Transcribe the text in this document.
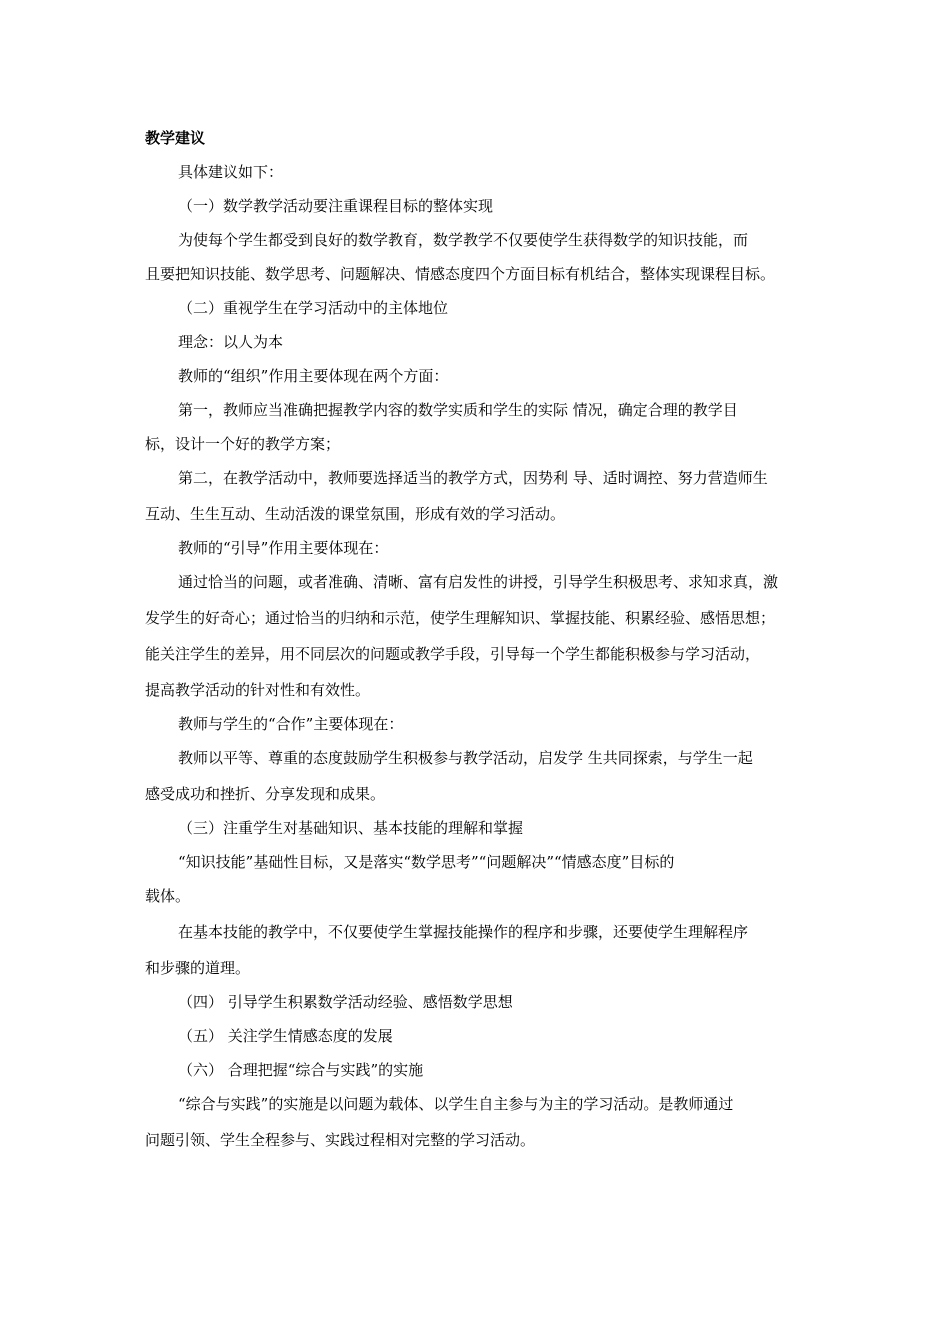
教学建议

具体建议如下：

（一）数学教学活动要注重课程目标的整体实现

为使每个学生都受到良好的数学教育，数学教学不仅要使学生获得数学的知识技能，而

且要把知识技能、数学思考、问题解决、情感态度四个方面目标有机结合，整体实现课程目标。

（二）重视学生在学习活动中的主体地位

理念：以人为本

教师的“组织”作用主要体现在两个方面：

第一，教师应当准确把握教学内容的数学实质和学生的实际 情况，确定合理的教学目

标，设计一个好的教学方案；

第二，在教学活动中，教师要选择适当的教学方式，因势利 导、适时调控、努力营造师生

互动、生生互动、生动活泼的课堂氛围，形成有效的学习活动。

教师的“引导”作用主要体现在：

通过恰当的问题，或者准确、清晰、富有启发性的讲授，引导学生积极思考、求知求真，激

发学生的好奇心；通过恰当的归纳和示范，使学生理解知识、掌握技能、积累经验、感悟思想；

能关注学生的差异，用不同层次的问题或教学手段，引导每一个学生都能积极参与学习活动，

提高教学活动的针对性和有效性。

教师与学生的“合作”主要体现在：

教师以平等、尊重的态度鼓励学生积极参与教学活动，启发学 生共同探索，与学生一起

感受成功和挫折、分享发现和成果。

（三）注重学生对基础知识、基本技能的理解和掌握

“知识技能”基础性目标，又是落实“数学思考”“问题解决”“情感态度”目标的

载体。

在基本技能的教学中，不仅要使学生掌握技能操作的程序和步骤，还要使学生理解程序

和步骤的道理。

（四） 引导学生积累数学活动经验、感悟数学思想

（五） 关注学生情感态度的发展

（六） 合理把握“综合与实践”的实施

“综合与实践”的实施是以问题为载体、以学生自主参与为主的学习活动。是教师通过

问题引领、学生全程参与、实践过程相对完整的学习活动。
